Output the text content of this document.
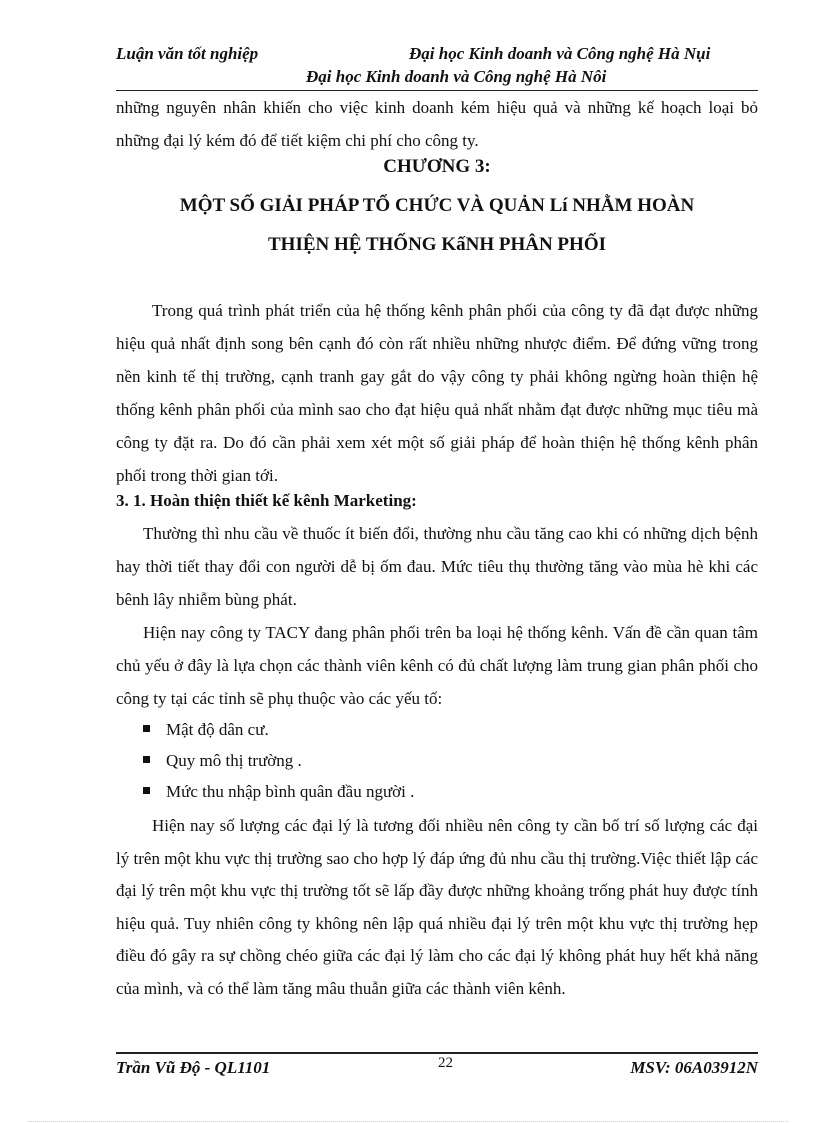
Luận văn tốt nghiệp	Đại học Kinh doanh và Công nghệ Hà Nụi
Đại học Kinh doanh và Công nghệ Hà Nôi
những nguyên nhân khiến cho việc kinh doanh kém hiệu quả và những kế hoạch loại bỏ những đại lý kém đó để tiết kiệm chi phí cho công ty.
CHƯƠNG 3:
MỘT SỐ GIẢI PHÁP TỔ CHỨC VÀ QUẢN Lí NHẰM HOÀN
THIỆN HỆ THỐNG KấNH PHÂN PHỐI
Trong quá trình phát triển của hệ thống kênh phân phối của công ty đã đạt được những hiệu quả nhất định song bên cạnh đó còn rất nhiều những nhược điểm. Để đứng vững trong nền kinh tế thị trường, cạnh tranh gay gắt do vậy công ty phải không ngừng hoàn thiện hệ thống kênh phân phối của mình sao cho đạt hiệu quả nhất nhằm đạt được những mục tiêu mà công ty đặt ra. Do đó cần phải xem xét một số giải pháp để hoàn thiện hệ thống kênh phân phối trong thời gian tới.
3. 1. Hoàn thiện thiết kế kênh Marketing:
Thường thì nhu cầu về thuốc ít biến đổi, thường nhu cầu tăng cao khi có những dịch bệnh hay thời tiết thay đổi con người dễ bị ốm đau. Mức tiêu thụ thường tăng vào mùa hè khi các bênh lây nhiễm bùng phát.
Hiện nay công ty TACY đang phân phối trên ba loại hệ thống kênh. Vấn đề cần quan tâm chủ yếu ở đây là lựa chọn các thành viên kênh có đủ chất lượng làm trung gian phân phối cho công ty tại các tỉnh sẽ phụ thuộc vào các yếu tố:
Mật độ dân cư.
Quy mô thị trường .
Mức thu nhập bình quân đầu người .
Hiện nay số lượng các đại lý là tương đối nhiều nên công ty cần bố trí số lượng các đại lý trên một khu vực thị trường sao cho hợp lý đáp ứng đủ nhu cầu thị trường.Việc thiết lập các đại lý trên một khu vực thị trường tốt sẽ lấp đầy được những khoảng trống phát huy được tính hiệu quả. Tuy nhiên công ty không nên lập quá nhiều đại lý trên một khu vực thị trường hẹp điều đó gây ra sự chồng chéo giữa các đại lý làm cho các đại lý không phát huy hết khả năng của mình, và có thể làm tăng mâu thuẫn giữa các thành viên kênh.
Trần Vũ Độ - QL1101	22	MSV: 06A03912N
